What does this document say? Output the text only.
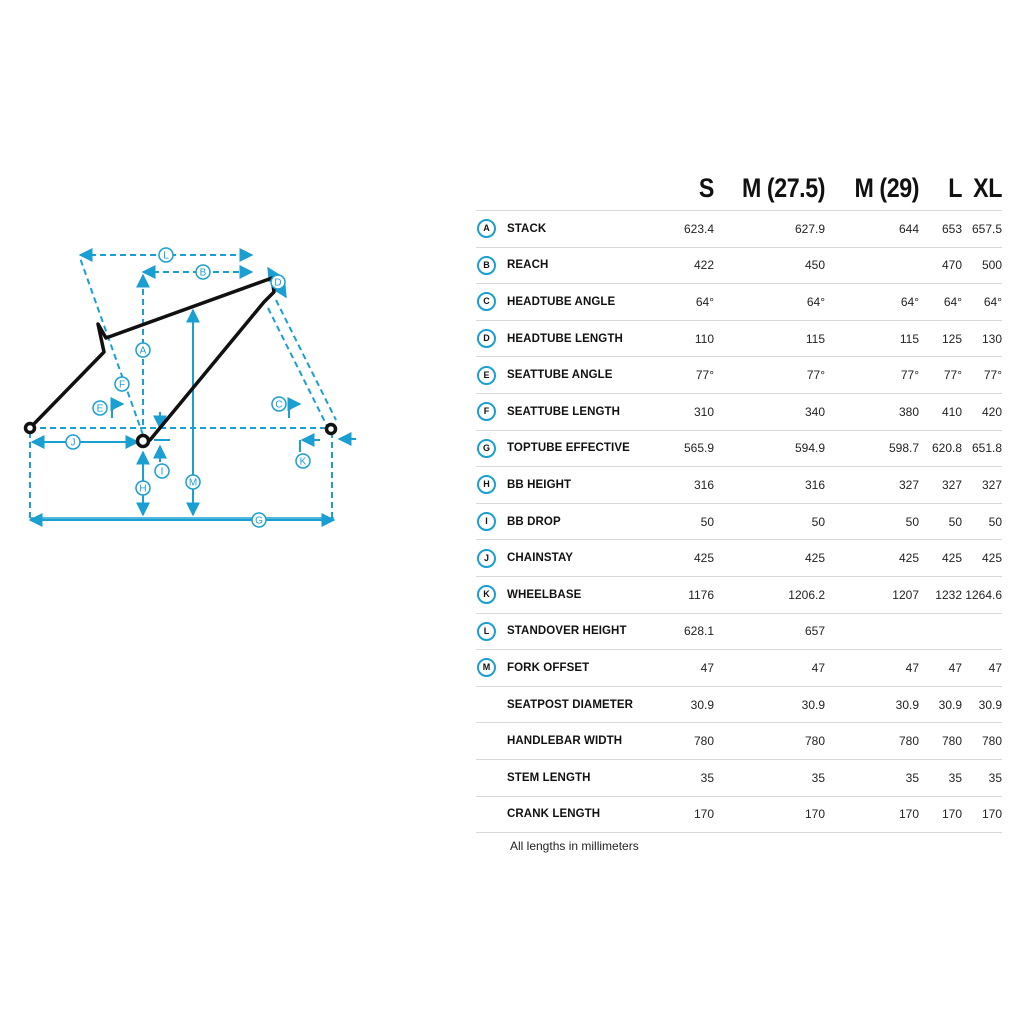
L
B
D
A
F
E	C
J
I
H
M
K
G
		S	M (27.5)	M (29)	L	XL
A	STACK	623.4	627.9	644	653	657.5
B	REACH	422	450		470	500
C	HEADTUBE ANGLE	64°	64°	64°	64°	64°
D	HEADTUBE LENGTH	110	115	115	125	130
E	SEATTUBE ANGLE	77°	77°	77°	77°	77°
F	SEATTUBE LENGTH	310	340	380	410	420
G	TOPTUBE EFFECTIVE	565.9	594.9	598.7	620.8	651.8
H	BB HEIGHT	316	316	327	327	327
I	BB DROP	50	50	50	50	50
J	CHAINSTAY	425	425	425	425	425
K	WHEELBASE	1176	1206.2	1207	1232	1264.6
L	STANDOVER HEIGHT	628.1	657			
M	FORK OFFSET	47	47	47	47	47
	SEATPOST DIAMETER	30.9	30.9	30.9	30.9	30.9
	HANDLEBAR WIDTH	780	780	780	780	780
	STEM LENGTH	35	35	35	35	35
	CRANK LENGTH	170	170	170	170	170
All lengths in millimeters
